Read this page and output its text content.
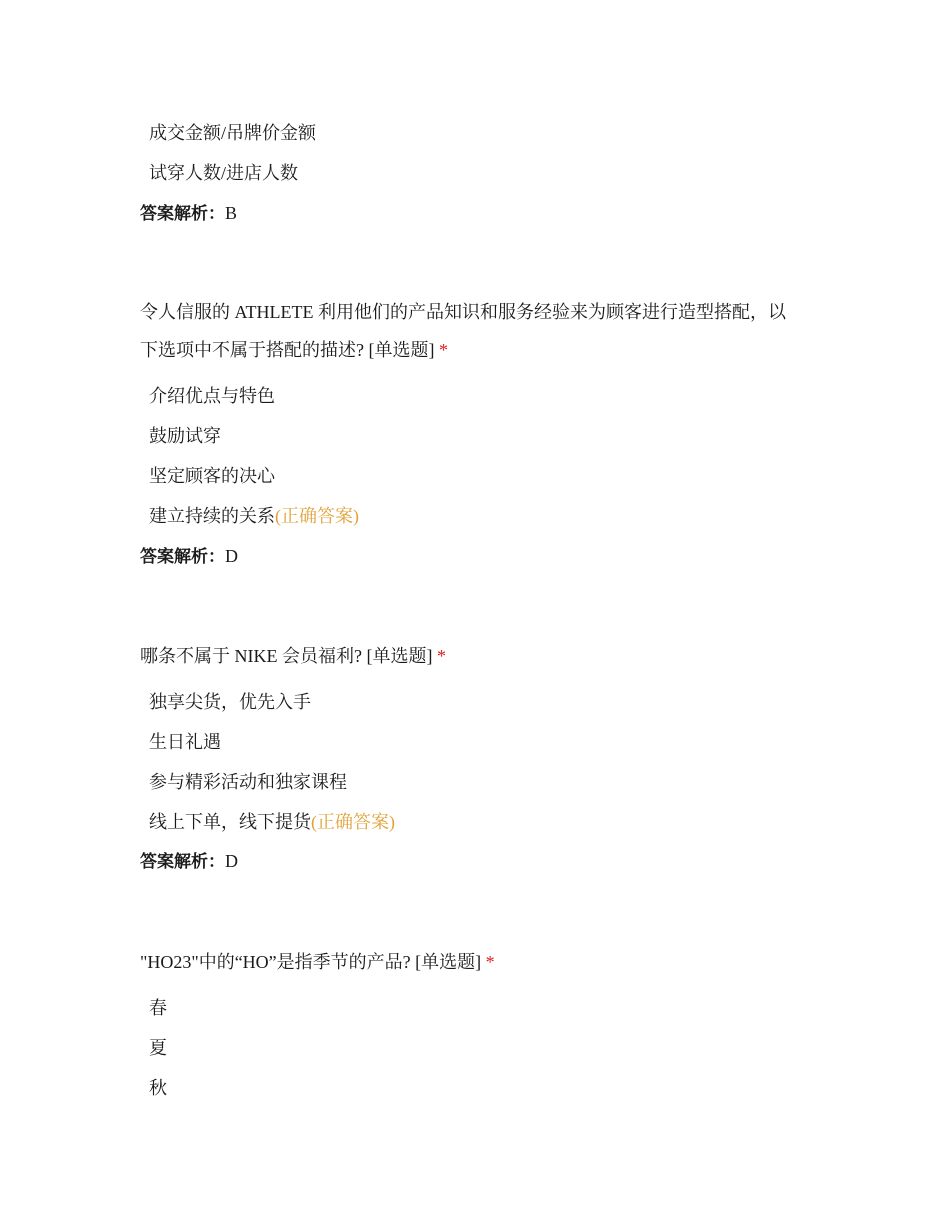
成交金额/吊牌价金额
试穿人数/进店人数
答案解析：B
令人信服的 ATHLETE 利用他们的产品知识和服务经验来为顾客进行造型搭配，以
下选项中不属于搭配的描述? [单选题] *
介绍优点与特色
鼓励试穿
坚定顾客的决心
建立持续的关系(正确答案)
答案解析：D
哪条不属于 NIKE 会员福利? [单选题] *
独享尖货，优先入手
生日礼遇
参与精彩活动和独家课程
线上下单，线下提货(正确答案)
答案解析：D
"HO23"中的“HO”是指季节的产品? [单选题] *
春
夏
秋
